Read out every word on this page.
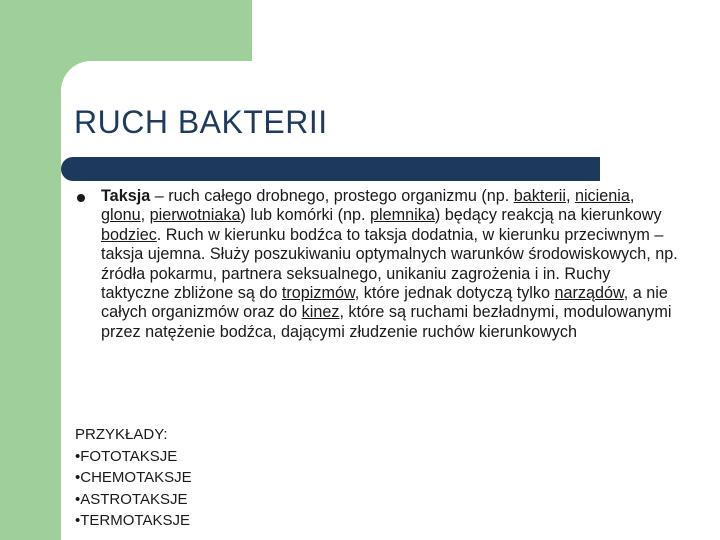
RUCH BAKTERII

Taksja – ruch całego drobnego, prostego organizmu (np. bakterii, nicienia, glonu, pierwotniaka) lub komórki (np. plemnika) będący reakcją na kierunkowy bodziec. Ruch w kierunku bodźca to taksja dodatnia, w kierunku przeciwnym – taksja ujemna. Służy poszukiwaniu optymalnych warunków środowiskowych, np. źródła pokarmu, partnera seksualnego, unikaniu zagrożenia i in. Ruchy taktyczne zbliżone są do tropizmów, które jednak dotyczą tylko narządów, a nie całych organizmów oraz do kinez, które są ruchami bezładnymi, modulowanymi przez natężenie bodźca, dającymi złudzenie ruchów kierunkowych

PRZYKŁADY:
•FOTOTAKSJE
•CHEMOTAKSJE
•ASTROTAKSJE
•TERMOTAKSJE
